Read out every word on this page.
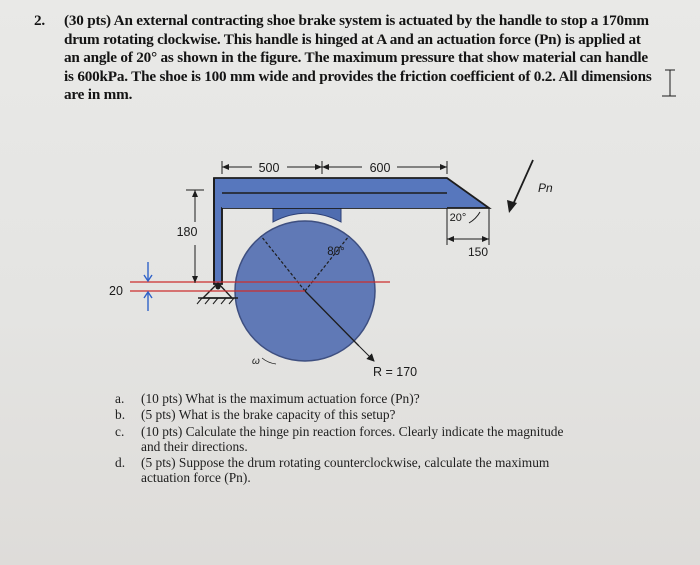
2. (30 pts) An external contracting shoe brake system is actuated by the handle to stop a 170mm
drum rotating clockwise. This handle is hinged at A and an actuation force (Pn) is applied at
an angle of 20° as shown in the figure. The maximum pressure that show material can handle
is 600kPa. The shoe is 100 mm wide and provides the friction coefficient of 0.2. All dimensions
are in mm.
500	600
180
80°	150
20°
Pn
20
ω
R = 170
a. (10 pts) What is the maximum actuation force (Pn)?
b. (5 pts) What is the brake capacity of this setup?
c. (10 pts) Calculate the hinge pin reaction forces. Clearly indicate the magnitude
and their directions.
d. (5 pts) Suppose the drum rotating counterclockwise, calculate the maximum
actuation force (Pn).
